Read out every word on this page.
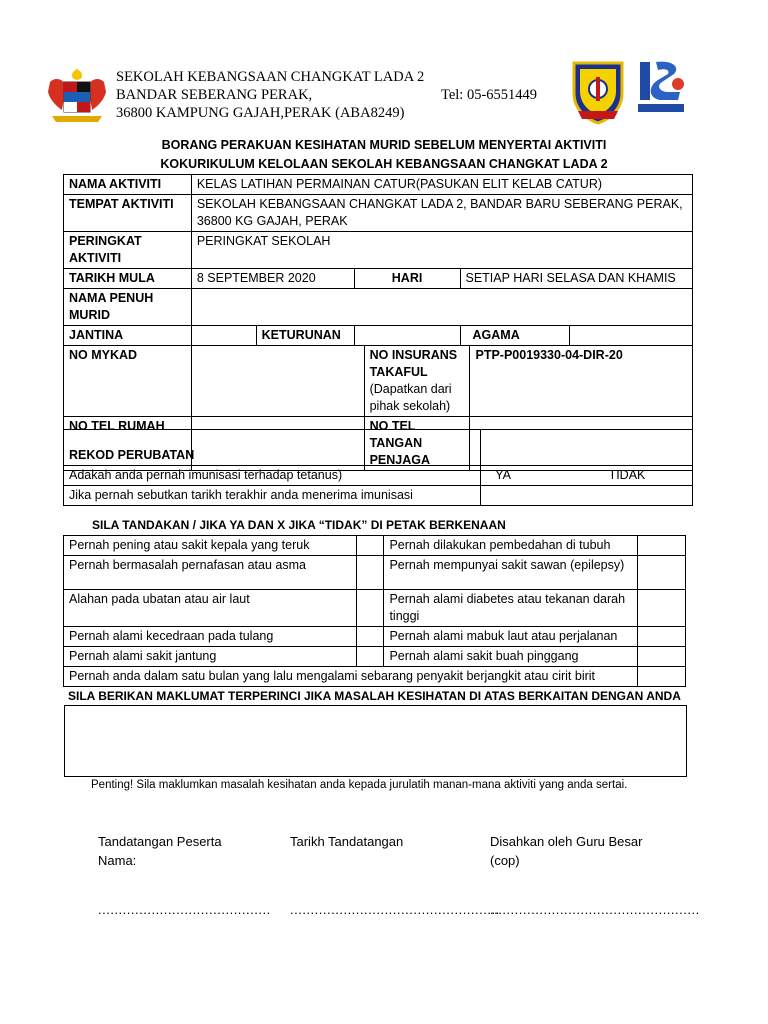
SEKOLAH KEBANGSAAN CHANGKAT LADA 2
BANDAR SEBERANG PERAK,
36800 KAMPUNG GAJAH,PERAK (ABA8249)
Tel: 05-6551449
BORANG PERAKUAN KESIHATAN MURID SEBELUM MENYERTAI AKTIVITI
KOKURIKULUM KELOLAAN SEKOLAH KEBANGSAAN CHANGKAT LADA 2
NAMA AKTIVITI	KELAS LATIHAN PERMAINAN CATUR(PASUKAN ELIT KELAB CATUR)						
TEMPAT AKTIVITI	SEKOLAH KEBANGSAAN CHANGKAT LADA 2, BANDAR BARU SEBERANG PERAK, 36800 KG GAJAH, PERAK						
PERINGKAT AKTIVITI	PERINGKAT SEKOLAH						
TARIKH MULA	8 SEPTEMBER 2020		HARI		SETIAP HARI SELASA DAN KHAMIS		
NAMA PENUH MURID							
JANTINA		KETURUNAN			AGAMA		
NO MYKAD				NO INSURANS TAKAFUL (Dapatkan dari pihak sekolah)		PTP-P0019330-04-DIR-20	
NO TEL RUMAH				NO TEL TANGAN PENJAGA			
REKOD PERUBATAN		
Adakah anda pernah imunisasi terhadap tetanus)	YA	TIDAK
Jika pernah sebutkan tarikh terakhir anda menerima imunisasi		
SILA TANDAKAN / JIKA YA DAN X JIKA “TIDAK” DI PETAK BERKENAAN
Pernah pening atau sakit kepala yang teruk		Pernah dilakukan pembedahan di tubuh	
Pernah bermasalah pernafasan atau asma		Pernah mempunyai sakit sawan (epilepsy)	
Alahan pada ubatan atau air laut		Pernah alami diabetes atau tekanan darah tinggi	
Pernah alami kecedraan pada tulang		Pernah alami mabuk laut atau perjalanan	
Pernah alami sakit jantung		Pernah alami sakit buah pinggang	
Pernah anda dalam satu bulan yang lalu mengalami sebarang penyakit berjangkit atau cirit birit			
SILA BERIKAN MAKLUMAT TERPERINCI JIKA MASALAH KESIHATAN DI ATAS BERKAITAN DENGAN ANDA
Penting! Sila maklumkan masalah kesihatan anda kepada jurulatih manan-mana aktiviti yang anda sertai.
Tandatangan Peserta
Nama:
Tarikh Tandatangan	Disahkan oleh Guru Besar
(cop)
.......................................... ...................................................
...................................................
